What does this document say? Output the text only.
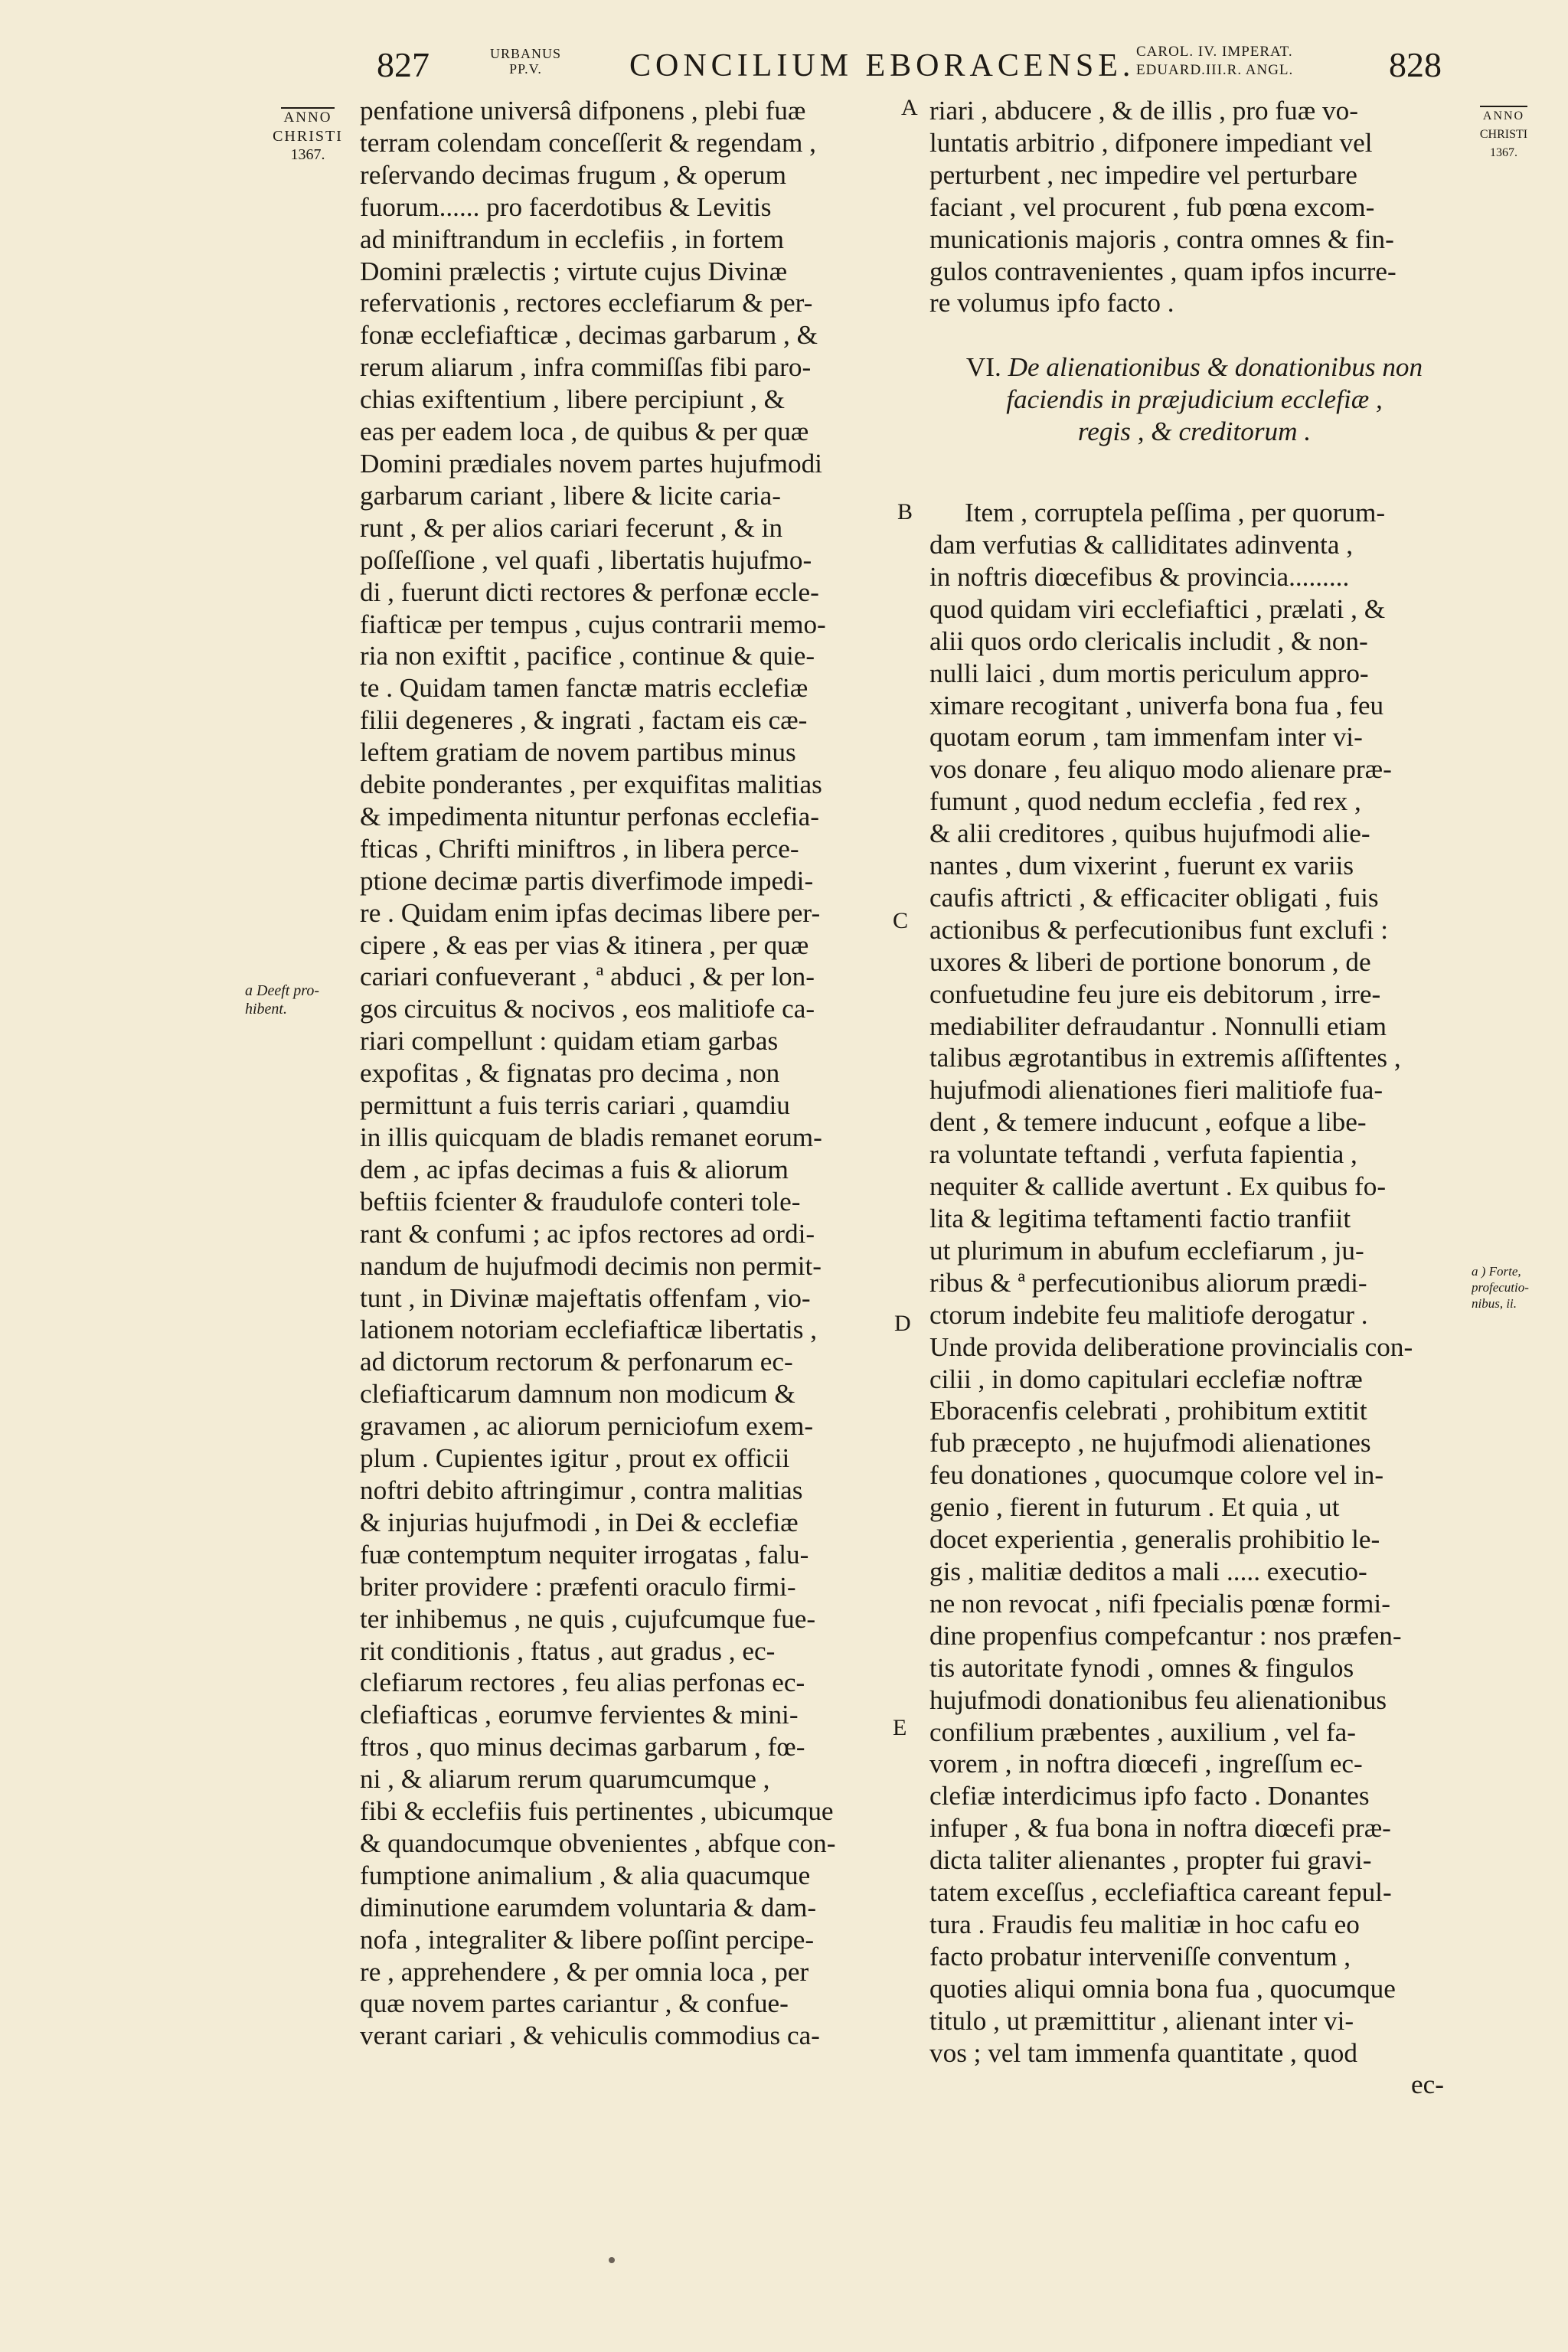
827	URBANUS
PP.V.	CONCILIUM EBORACENSE. CAROL. IV. IMPERAT.
EDUARD.III.R. ANGL.	828
ANNO
CHRISTI
1367.
a Deeft pro-
hibent.
ANNO
CHRISTI
1367.
a ) Forte,
profecutio-
nibus, ii.
A
B
C
D
E
penfatione universâ difponens , plebi fuæ
terram colendam conceſſerit & regendam ,
reſervando decimas frugum , & operum
fuorum...... pro facerdotibus & Levitis
ad miniftrandum in ecclefiis , in fortem
Domini prælectis ; virtute cujus Divinæ
refervationis , rectores ecclefiarum & per-
fonæ ecclefiafticæ , decimas garbarum , &
rerum aliarum , infra commiſſas fibi paro-
chias exiftentium , libere percipiunt , &
eas per eadem loca , de quibus & per quæ
Domini prædiales novem partes hujufmodi
garbarum cariant , libere & licite caria-
runt , & per alios cariari fecerunt , & in
poſſeſſione , vel quafi , libertatis hujufmo-
di , fuerunt dicti rectores & perfonæ eccle-
fiafticæ per tempus , cujus contrarii memo-
ria non exiftit , pacifice , continue & quie-
te . Quidam tamen fanctæ matris ecclefiæ
filii degeneres , & ingrati , factam eis cæ-
leftem gratiam de novem partibus minus
debite ponderantes , per exquifitas malitias
& impedimenta nituntur perfonas ecclefia-
fticas , Chrifti miniftros , in libera perce-
ptione decimæ partis diverfimode impedi-
re . Quidam enim ipfas decimas libere per-
cipere , & eas per vias & itinera , per quæ
cariari confueverant , ª abduci , & per lon-
gos circuitus & nocivos , eos malitiofe ca-
riari compellunt : quidam etiam garbas
expofitas , & fignatas pro decima , non
permittunt a fuis terris cariari , quamdiu
in illis quicquam de bladis remanet eorum-
dem , ac ipfas decimas a fuis & aliorum
beftiis fcienter & fraudulofe conteri tole-
rant & confumi ; ac ipfos rectores ad ordi-
nandum de hujufmodi decimis non permit-
tunt , in Divinæ majeftatis offenfam , vio-
lationem notoriam ecclefiafticæ libertatis ,
ad dictorum rectorum & perfonarum ec-
clefiafticarum damnum non modicum &
gravamen , ac aliorum perniciofum exem-
plum . Cupientes igitur , prout ex officii
noftri debito aftringimur , contra malitias
& injurias hujufmodi , in Dei & ecclefiæ
fuæ contemptum nequiter irrogatas , falu-
briter providere : præfenti oraculo firmi-
ter inhibemus , ne quis , cujufcumque fue-
rit conditionis , ftatus , aut gradus , ec-
clefiarum rectores , feu alias perfonas ec-
clefiafticas , eorumve fervientes & mini-
ftros , quo minus decimas garbarum , fœ-
ni , & aliarum rerum quarumcumque ,
fibi & ecclefiis fuis pertinentes , ubicumque
& quandocumque obvenientes , abfque con-
fumptione animalium , & alia quacumque
diminutione earumdem voluntaria & dam-
nofa , integraliter & libere poſſint percipe-
re , apprehendere , & per omnia loca , per
quæ novem partes cariantur , & confue-
verant cariari , & vehiculis commodius ca-
riari , abducere , & de illis , pro fuæ vo-
luntatis arbitrio , difponere impediant vel
perturbent , nec impedire vel perturbare
faciant , vel procurent , fub pœna excom-
municationis majoris , contra omnes & fin-
gulos contravenientes , quam ipfos incurre-
re volumus ipfo facto .
VI. De alienationibus & donationibus non
faciendis in præjudicium ecclefiæ ,
regis , & creditorum .
Item , corruptela peſſima , per quorum-
dam verfutias & calliditates adinventa ,
in noftris diœcefibus & provincia.........
quod quidam viri ecclefiaftici , prælati , &
alii quos ordo clericalis includit , & non-
nulli laici , dum mortis periculum appro-
ximare recogitant , univerfa bona fua , feu
quotam eorum , tam immenfam inter vi-
vos donare , feu aliquo modo alienare præ-
fumunt , quod nedum ecclefia , fed rex ,
& alii creditores , quibus hujufmodi alie-
nantes , dum vixerint , fuerunt ex variis
caufis aftricti , & efficaciter obligati , fuis
actionibus & perfecutionibus funt exclufi :
uxores & liberi de portione bonorum , de
confuetudine feu jure eis debitorum , irre-
mediabiliter defraudantur . Nonnulli etiam
talibus ægrotantibus in extremis aſſiftentes ,
hujufmodi alienationes fieri malitiofe fua-
dent , & temere inducunt , eofque a libe-
ra voluntate teftandi , verfuta fapientia ,
nequiter & callide avertunt . Ex quibus fo-
lita & legitima teftamenti factio tranfiit
ut plurimum in abufum ecclefiarum , ju-
ribus & ª perfecutionibus aliorum prædi-
ctorum indebite feu malitiofe derogatur .
Unde provida deliberatione provincialis con-
cilii , in domo capitulari ecclefiæ noftræ
Eboracenfis celebrati , prohibitum extitit
fub præcepto , ne hujufmodi alienationes
feu donationes , quocumque colore vel in-
genio , fierent in futurum . Et quia , ut
docet experientia , generalis prohibitio le-
gis , malitiæ deditos a mali ..... executio-
ne non revocat , nifi fpecialis pœnæ formi-
dine propenfius compefcantur : nos præfen-
tis autoritate fynodi , omnes & fingulos
hujufmodi donationibus feu alienationibus
confilium præbentes , auxilium , vel fa-
vorem , in noftra diœcefi , ingreſſum ec-
clefiæ interdicimus ipfo facto . Donantes
infuper , & fua bona in noftra diœcefi præ-
dicta taliter alienantes , propter fui gravi-
tatem exceſſus , ecclefiaftica careant fepul-
tura . Fraudis feu malitiæ in hoc cafu eo
facto probatur interveniſſe conventum ,
quoties aliqui omnia bona fua , quocumque
titulo , ut præmittitur , alienant inter vi-
vos ; vel tam immenfa quantitate , quod
ec-
